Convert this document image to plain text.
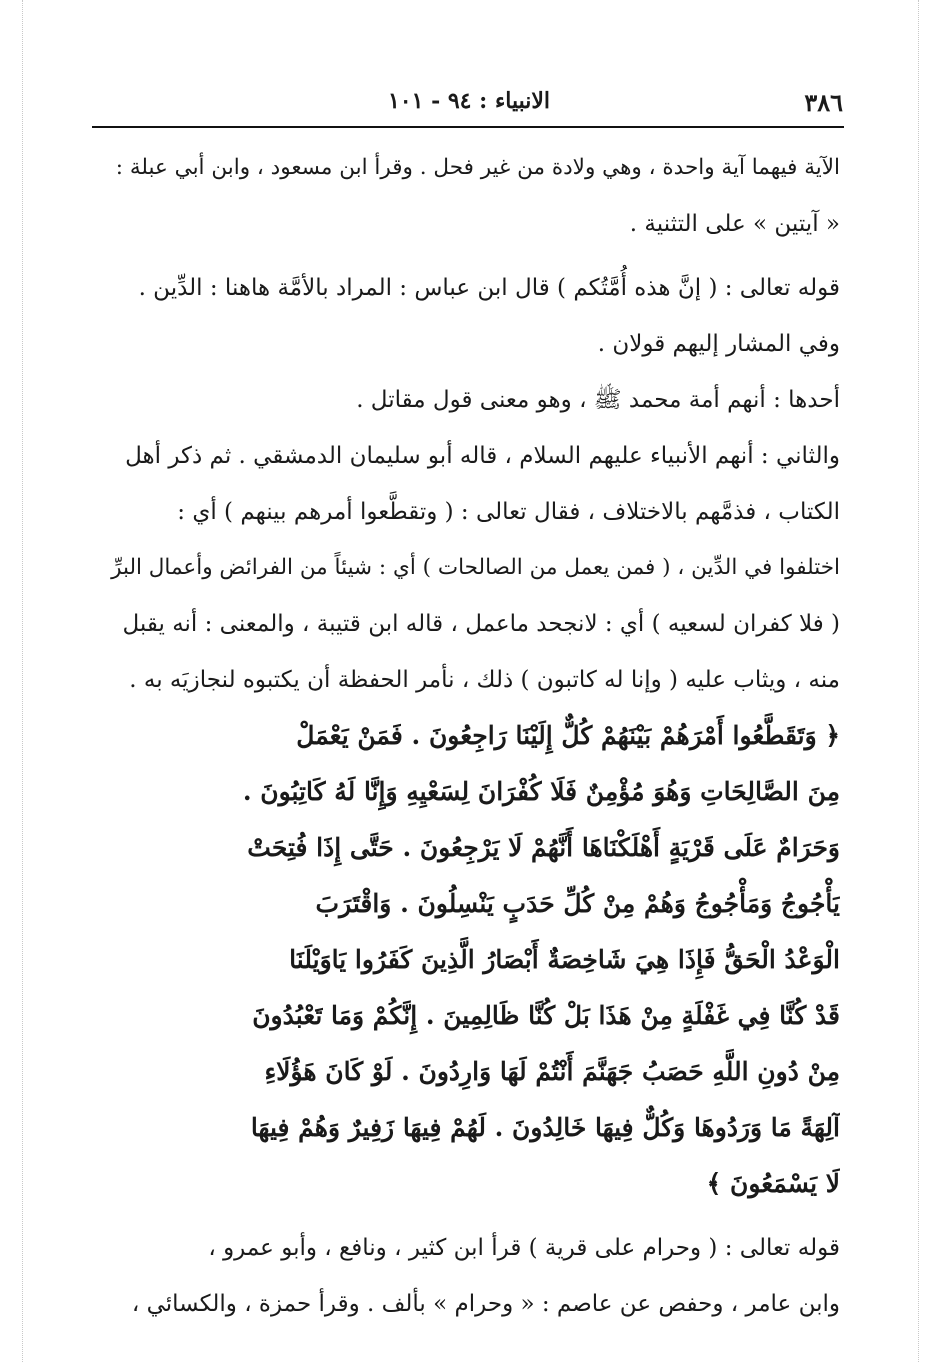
٣٨٦
الانبياء : ٩٤ - ١٠١
الآية فيهما آية واحدة ، وهي ولادة من غير فحل . وقرأ ابن مسعود ، وابن أبي عبلة :
« آيتين » على التثنية .
قوله تعالى : ( إنَّ هذه أُمَّتُكم ) قال ابن عباس : المراد بالأمَّة هاهنا : الدِّين .
وفي المشار إليهم قولان .
أحدها : أنهم أمة محمد ﷺ ، وهو معنى قول مقاتل .
والثاني : أنهم الأنبياء عليهم السلام ، قاله أبو سليمان الدمشقي . ثم ذكر أهل
الكتاب ، فذمَّهم بالاختلاف ، فقال تعالى : ( وتقطَّعوا أمرهم بينهم ) أي :
اختلفوا في الدِّين ، ( فمن يعمل من الصالحات ) أي : شيئاً من الفرائض وأعمال البرِّ
( فلا كفران لسعيه ) أي : لانجحد ماعمل ، قاله ابن قتيبة ، والمعنى : أنه يقبل
منه ، ويثاب عليه ( وإنا له كاتبون ) ذلك ، نأمر الحفظة أن يكتبوه لنجازيَه به .
﴿ وَتَقَطَّعُوا أَمْرَهُمْ بَيْنَهُمْ كُلٌّ إِلَيْنَا رَاجِعُونَ . فَمَنْ يَعْمَلْ
مِنَ الصَّالِحَاتِ وَهُوَ مُؤْمِنٌ فَلَا كُفْرَانَ لِسَعْيِهِ وَإِنَّا لَهُ كَاتِبُونَ .
وَحَرَامٌ عَلَى قَرْيَةٍ أَهْلَكْنَاهَا أَنَّهُمْ لَا يَرْجِعُونَ . حَتَّى إِذَا فُتِحَتْ
يَأْجُوجُ وَمَأْجُوجُ وَهُمْ مِنْ كُلِّ حَدَبٍ يَنْسِلُونَ . وَاقْتَرَبَ
الْوَعْدُ الْحَقُّ فَإِذَا هِيَ شَاخِصَةٌ أَبْصَارُ الَّذِينَ كَفَرُوا يَاوَيْلَنَا
قَدْ كُنَّا فِي غَفْلَةٍ مِنْ هَذَا بَلْ كُنَّا ظَالِمِينَ . إِنَّكُمْ وَمَا تَعْبُدُونَ
مِنْ دُونِ اللَّهِ حَصَبُ جَهَنَّمَ أَنْتُمْ لَهَا وَارِدُونَ . لَوْ كَانَ هَؤُلَاءِ
آلِهَةً مَا وَرَدُوهَا وَكُلٌّ فِيهَا خَالِدُونَ . لَهُمْ فِيهَا زَفِيرٌ وَهُمْ فِيهَا
لَا يَسْمَعُونَ ﴾
قوله تعالى : ( وحرام على قرية ) قرأ ابن كثير ، ونافع ، وأبو عمرو ،
وابن عامر ، وحفص عن عاصم : « وحرام » بألف . وقرأ حمزة ، والكسائي ،
